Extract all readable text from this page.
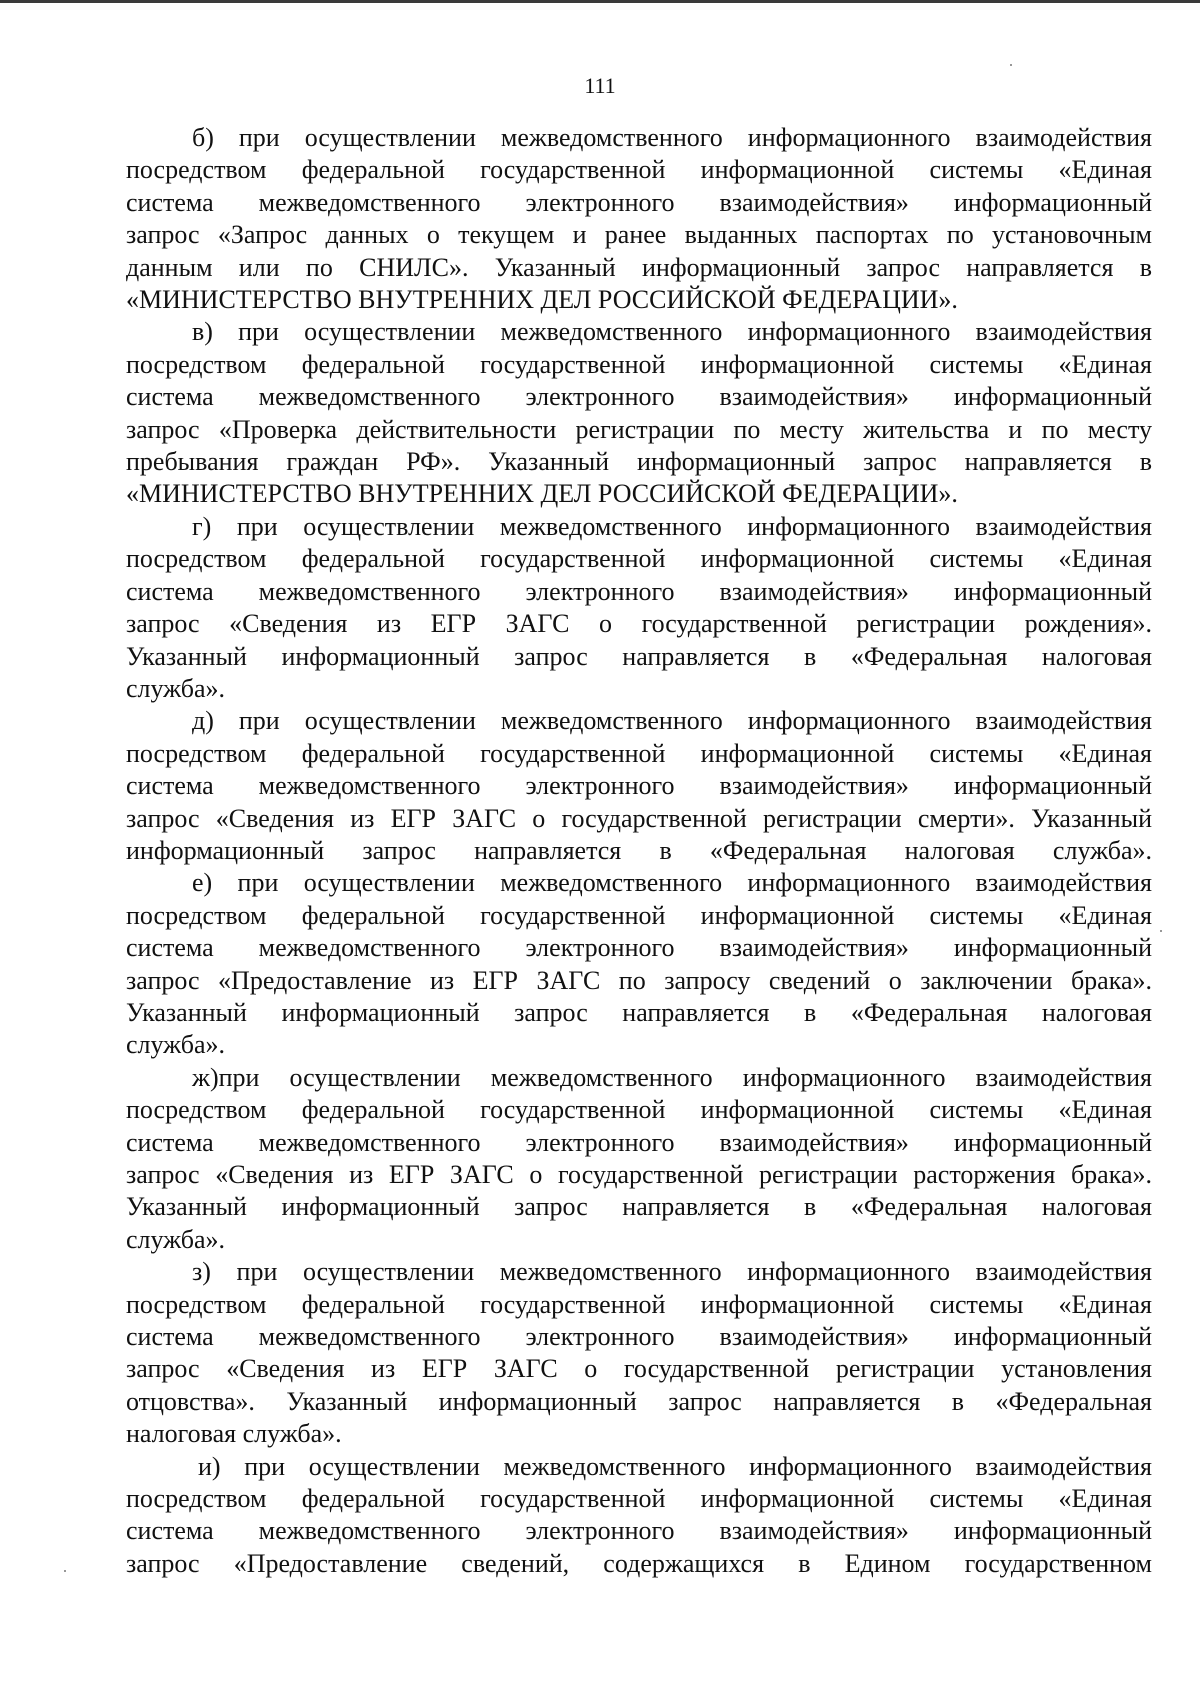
111
б) при осуществлении межведомственного информационного взаимодействия
посредством федеральной государственной информационной системы «Единая
система межведомственного электронного взаимодействия» информационный
запрос «Запрос данных о текущем и ранее выданных паспортах по установочным
данным или по СНИЛС». Указанный информационный запрос направляется в
«МИНИСТЕРСТВО ВНУТРЕННИХ ДЕЛ РОССИЙСКОЙ ФЕДЕРАЦИИ».
в) при осуществлении межведомственного информационного взаимодействия
посредством федеральной государственной информационной системы «Единая
система межведомственного электронного взаимодействия» информационный
запрос «Проверка действительности регистрации по месту жительства и по месту
пребывания граждан РФ». Указанный информационный запрос направляется в
«МИНИСТЕРСТВО ВНУТРЕННИХ ДЕЛ РОССИЙСКОЙ ФЕДЕРАЦИИ».
г) при осуществлении межведомственного информационного взаимодействия
посредством федеральной государственной информационной системы «Единая
система межведомственного электронного взаимодействия» информационный
запрос «Сведения из ЕГР ЗАГС о государственной регистрации рождения».
Указанный информационный запрос направляется в «Федеральная налоговая
служба».
д) при осуществлении межведомственного информационного взаимодействия
посредством федеральной государственной информационной системы «Единая
система межведомственного электронного взаимодействия» информационный
запрос «Сведения из ЕГР ЗАГС о государственной регистрации смерти». Указанный
информационный запрос направляется в «Федеральная налоговая служба».
е) при осуществлении межведомственного информационного взаимодействия
посредством федеральной государственной информационной системы «Единая
система межведомственного электронного взаимодействия» информационный
запрос «Предоставление из ЕГР ЗАГС по запросу сведений о заключении брака».
Указанный информационный запрос направляется в «Федеральная налоговая
служба».
ж)при осуществлении межведомственного информационного взаимодействия
посредством федеральной государственной информационной системы «Единая
система межведомственного электронного взаимодействия» информационный
запрос «Сведения из ЕГР ЗАГС о государственной регистрации расторжения брака».
Указанный информационный запрос направляется в «Федеральная налоговая
служба».
з) при осуществлении межведомственного информационного взаимодействия
посредством федеральной государственной информационной системы «Единая
система межведомственного электронного взаимодействия» информационный
запрос «Сведения из ЕГР ЗАГС о государственной регистрации установления
отцовства». Указанный информационный запрос направляется в «Федеральная
налоговая служба».
и) при осуществлении межведомственного информационного взаимодействия
посредством федеральной государственной информационной системы «Единая
система межведомственного электронного взаимодействия» информационный
запрос «Предоставление сведений, содержащихся в Едином государственном
